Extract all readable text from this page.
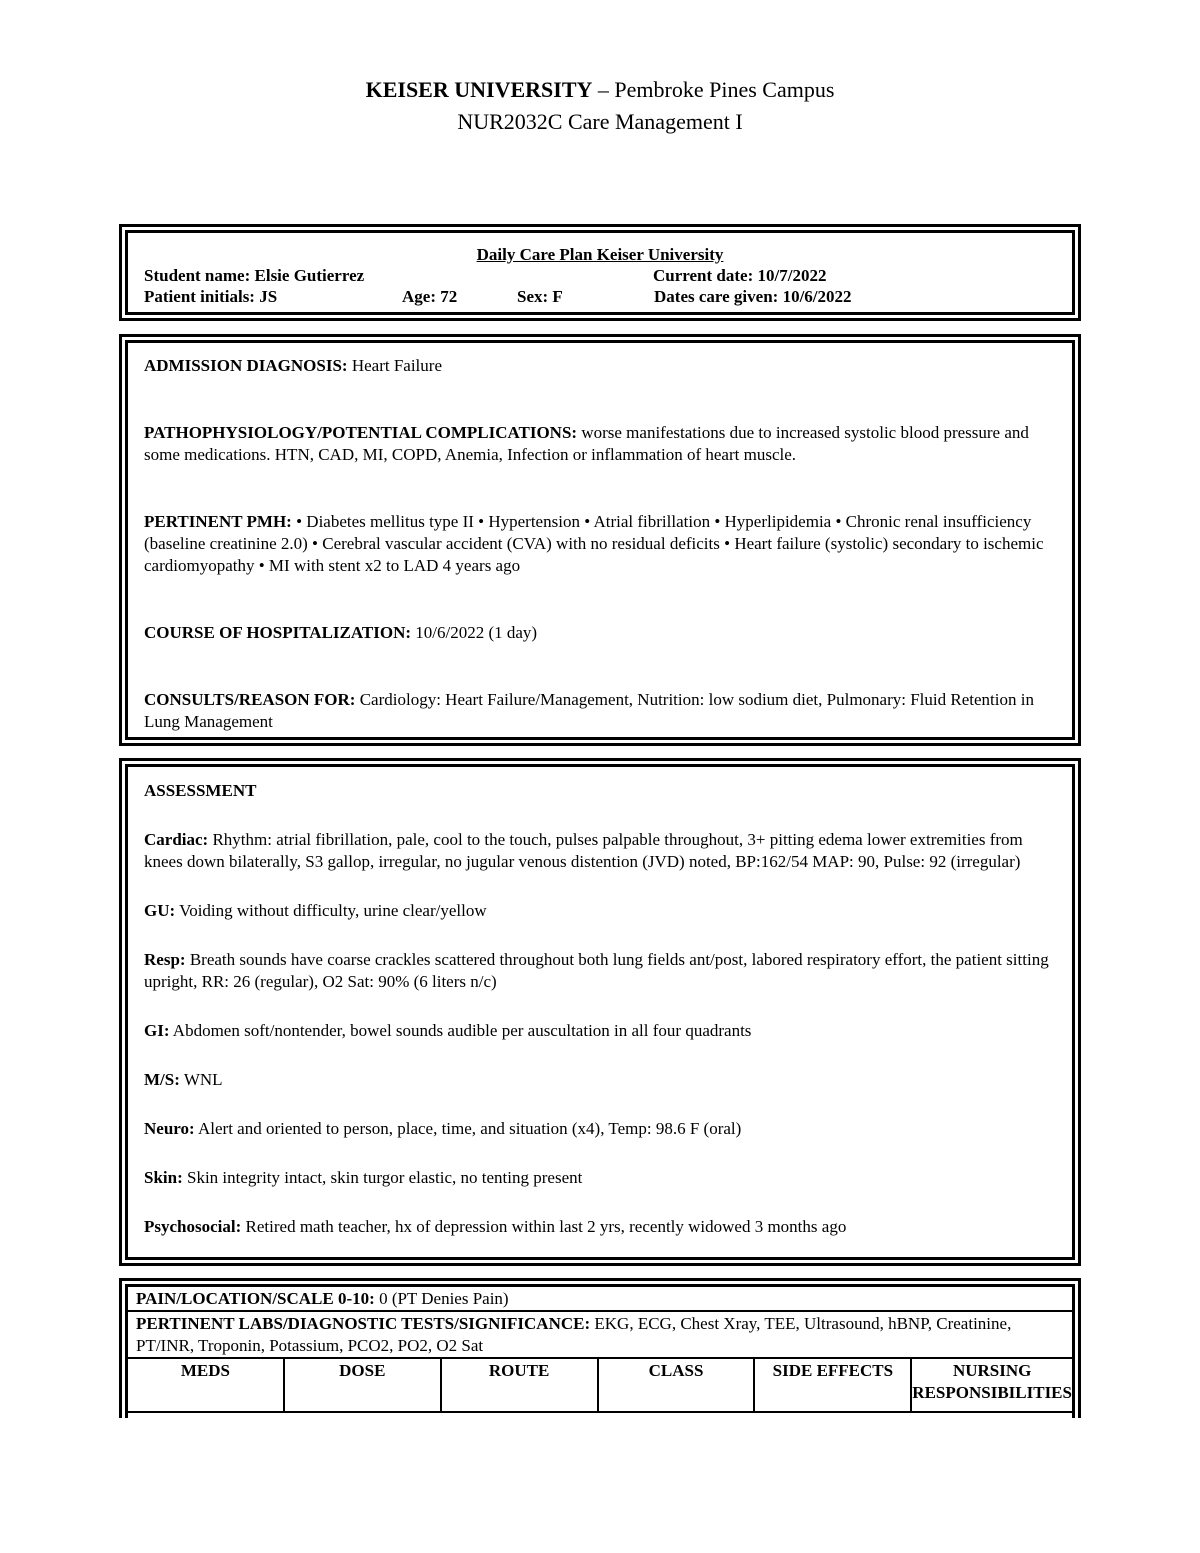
KEISER UNIVERSITY – Pembroke Pines Campus
NUR2032C Care Management I
Daily Care Plan Keiser University
Student name: Elsie Gutierrez	Current date: 10/7/2022
Patient initials: JS	Age: 72	Sex: F	Dates care given: 10/6/2022
ADMISSION DIAGNOSIS: Heart Failure
PATHOPHYSIOLOGY/POTENTIAL COMPLICATIONS: worse manifestations due to increased systolic blood pressure and some medications. HTN, CAD, MI, COPD, Anemia, Infection or inflammation of heart muscle.
PERTINENT PMH: • Diabetes mellitus type II • Hypertension • Atrial fibrillation • Hyperlipidemia • Chronic renal insufficiency (baseline creatinine 2.0) • Cerebral vascular accident (CVA) with no residual deficits • Heart failure (systolic) secondary to ischemic cardiomyopathy • MI with stent x2 to LAD 4 years ago
COURSE OF HOSPITALIZATION: 10/6/2022 (1 day)
CONSULTS/REASON FOR: Cardiology: Heart Failure/Management, Nutrition: low sodium diet, Pulmonary: Fluid Retention in Lung Management
ASSESSMENT
Cardiac: Rhythm: atrial fibrillation, pale, cool to the touch, pulses palpable throughout, 3+ pitting edema lower extremities from knees down bilaterally, S3 gallop, irregular, no jugular venous distention (JVD) noted, BP:162/54 MAP: 90, Pulse: 92 (irregular)
GU: Voiding without difficulty, urine clear/yellow
Resp: Breath sounds have coarse crackles scattered throughout both lung fields ant/post, labored respiratory effort, the patient sitting upright, RR: 26 (regular), O2 Sat: 90% (6 liters n/c)
GI: Abdomen soft/nontender, bowel sounds audible per auscultation in all four quadrants
M/S: WNL
Neuro: Alert and oriented to person, place, time, and situation (x4), Temp: 98.6 F (oral)
Skin: Skin integrity intact, skin turgor elastic, no tenting present
Psychosocial: Retired math teacher, hx of depression within last 2 yrs, recently widowed 3 months ago
PAIN/LOCATION/SCALE 0-10: 0 (PT Denies Pain)
PERTINENT LABS/DIAGNOSTIC TESTS/SIGNIFICANCE: EKG, ECG, Chest Xray, TEE, Ultrasound, hBNP, Creatinine, PT/INR, Troponin, Potassium, PCO2, PO2, O2 Sat
MEDS	DOSE	ROUTE	CLASS	SIDE EFFECTS	NURSING RESPONSIBILITIES
